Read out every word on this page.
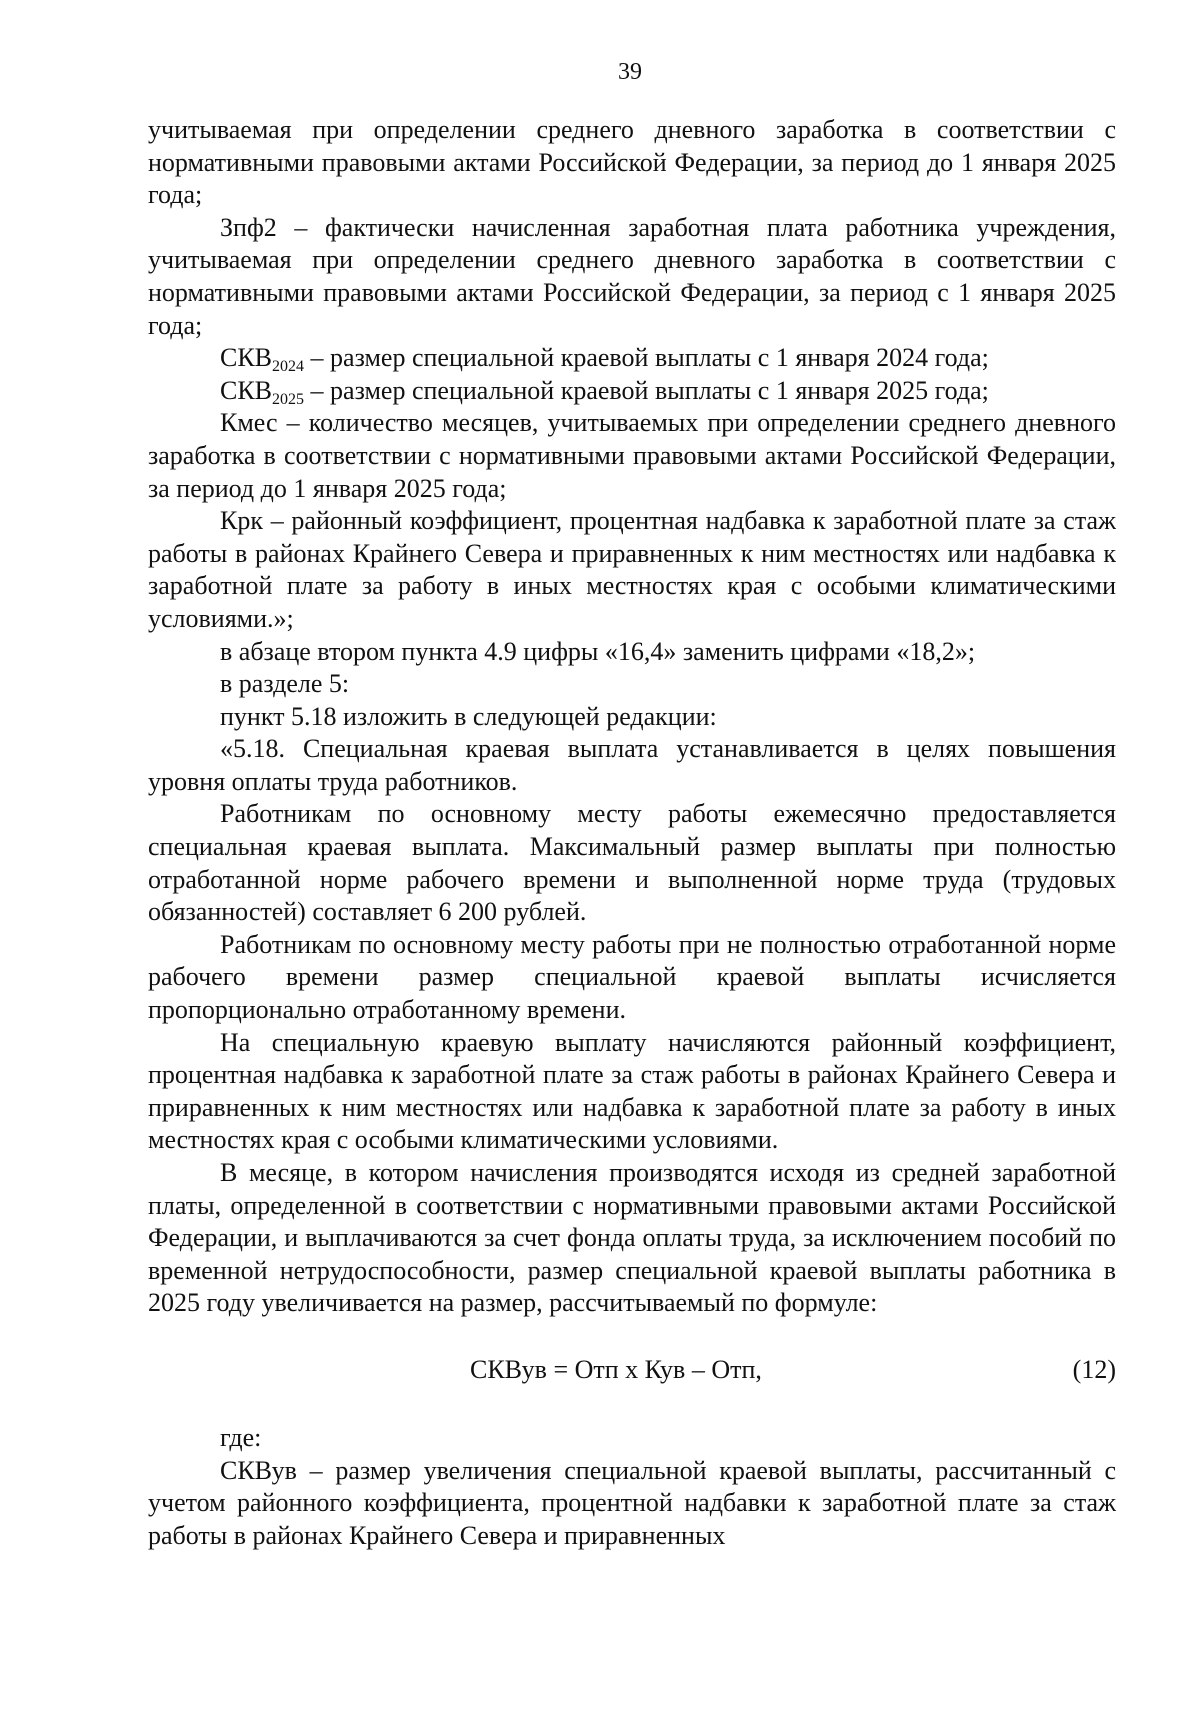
39

учитываемая при определении среднего дневного заработка в соответствии с нормативными правовыми актами Российской Федерации, за период до 1 января 2025 года;

Зпф2 – фактически начисленная заработная плата работника учреждения, учитываемая при определении среднего дневного заработка в соответствии с нормативными правовыми актами Российской Федерации, за период с 1 января 2025 года;

$СКВ_{2024}$ – размер специальной краевой выплаты с 1 января 2024 года;

$СКВ_{2025}$ – размер специальной краевой выплаты с 1 января 2025 года;

Кмес – количество месяцев, учитываемых при определении среднего дневного заработка в соответствии с нормативными правовыми актами Российской Федерации, за период до 1 января 2025 года;

Крк – районный коэффициент, процентная надбавка к заработной плате за стаж работы в районах Крайнего Севера и приравненных к ним местностях или надбавка к заработной плате за работу в иных местностях края с особыми климатическими условиями.»;

в абзаце втором пункта 4.9 цифры «16,4» заменить цифрами «18,2»;

в разделе 5:

пункт 5.18 изложить в следующей редакции:

«5.18. Специальная краевая выплата устанавливается в целях повышения уровня оплаты труда работников.

Работникам по основному месту работы ежемесячно предоставляется специальная краевая выплата. Максимальный размер выплаты при полностью отработанной норме рабочего времени и выполненной норме труда (трудовых обязанностей) составляет 6 200 рублей.

Работникам по основному месту работы при не полностью отработанной норме рабочего времени размер специальной краевой выплаты исчисляется пропорционально отработанному времени.

На специальную краевую выплату начисляются районный коэффициент, процентная надбавка к заработной плате за стаж работы в районах Крайнего Севера и приравненных к ним местностях или надбавка к заработной плате за работу в иных местностях края с особыми климатическими условиями.

В месяце, в котором начисления производятся исходя из средней заработной платы, определенной в соответствии с нормативными правовыми актами Российской Федерации, и выплачиваются за счет фонда оплаты труда, за исключением пособий по временной нетрудоспособности, размер специальной краевой выплаты работника в 2025 году увеличивается на размер, рассчитываемый по формуле:

СКВув = Отп х Кув – Отп,	(12)

где:

СКВув – размер увеличения специальной краевой выплаты, рассчитанный с учетом районного коэффициента, процентной надбавки к заработной плате за стаж работы в районах Крайнего Севера и приравненных
